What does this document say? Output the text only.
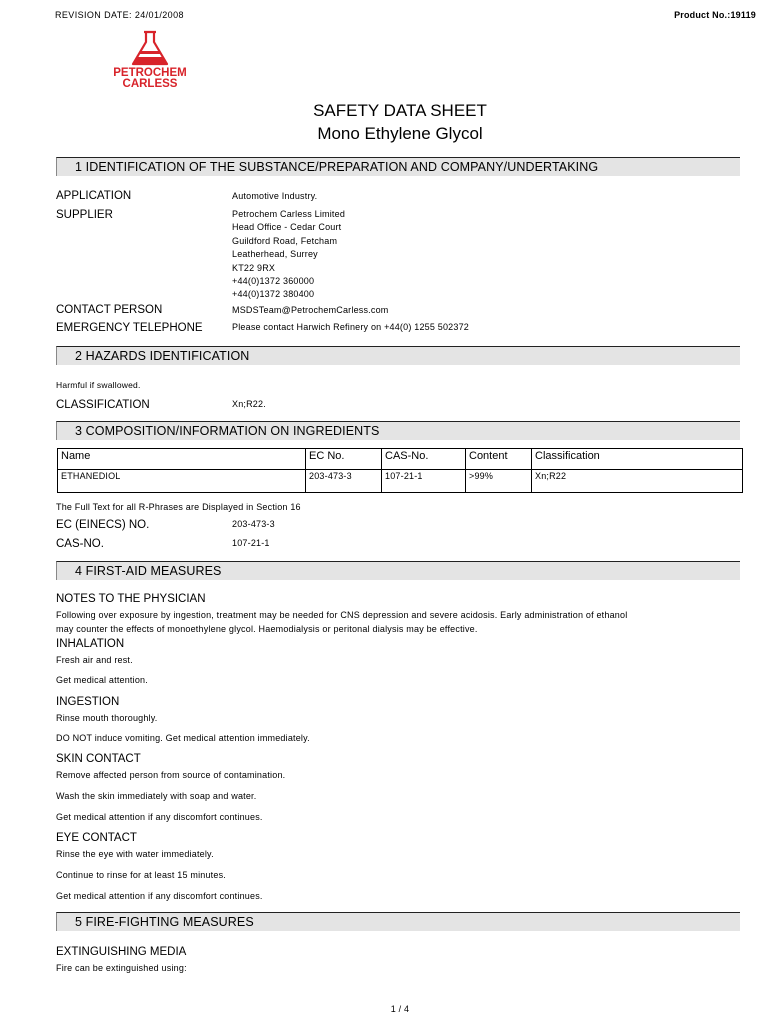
REVISION DATE: 24/01/2008	Product No.:19119
PETROCHEM
CARLESS
SAFETY DATA SHEET
Mono Ethylene Glycol
1 IDENTIFICATION OF THE SUBSTANCE/PREPARATION AND COMPANY/UNDERTAKING
APPLICATION	Automotive Industry.
SUPPLIER	Petrochem Carless Limited
Head Office - Cedar Court
Guildford Road, Fetcham
Leatherhead, Surrey
KT22 9RX
+44(0)1372 360000
+44(0)1372 380400
CONTACT PERSON	MSDSTeam@PetrochemCarless.com
EMERGENCY TELEPHONE	Please contact Harwich Refinery on +44(0) 1255 502372
2 HAZARDS IDENTIFICATION
Harmful if swallowed.
CLASSIFICATION	Xn;R22.
3 COMPOSITION/INFORMATION ON INGREDIENTS
Name	EC No.	CAS-No.	Content	Classification
ETHANEDIOL	203-473-3	107-21-1	>99%	Xn;R22
The Full Text for all R-Phrases are Displayed in Section 16
EC (EINECS) NO.	203-473-3
CAS-NO.	107-21-1
4 FIRST-AID MEASURES
NOTES TO THE PHYSICIAN
Following over exposure by ingestion, treatment may be needed for CNS depression and severe acidosis. Early administration of ethanol
may counter the effects of monoethylene glycol. Haemodialysis or peritonal dialysis may be effective.
INHALATION
Fresh air and rest.
Get medical attention.
INGESTION
Rinse mouth thoroughly.
DO NOT induce vomiting. Get medical attention immediately.
SKIN CONTACT
Remove affected person from source of contamination.
Wash the skin immediately with soap and water.
Get medical attention if any discomfort continues.
EYE CONTACT
Rinse the eye with water immediately.
Continue to rinse for at least 15 minutes.
Get medical attention if any discomfort continues.
5 FIRE-FIGHTING MEASURES
EXTINGUISHING MEDIA
Fire can be extinguished using:
1 / 4
